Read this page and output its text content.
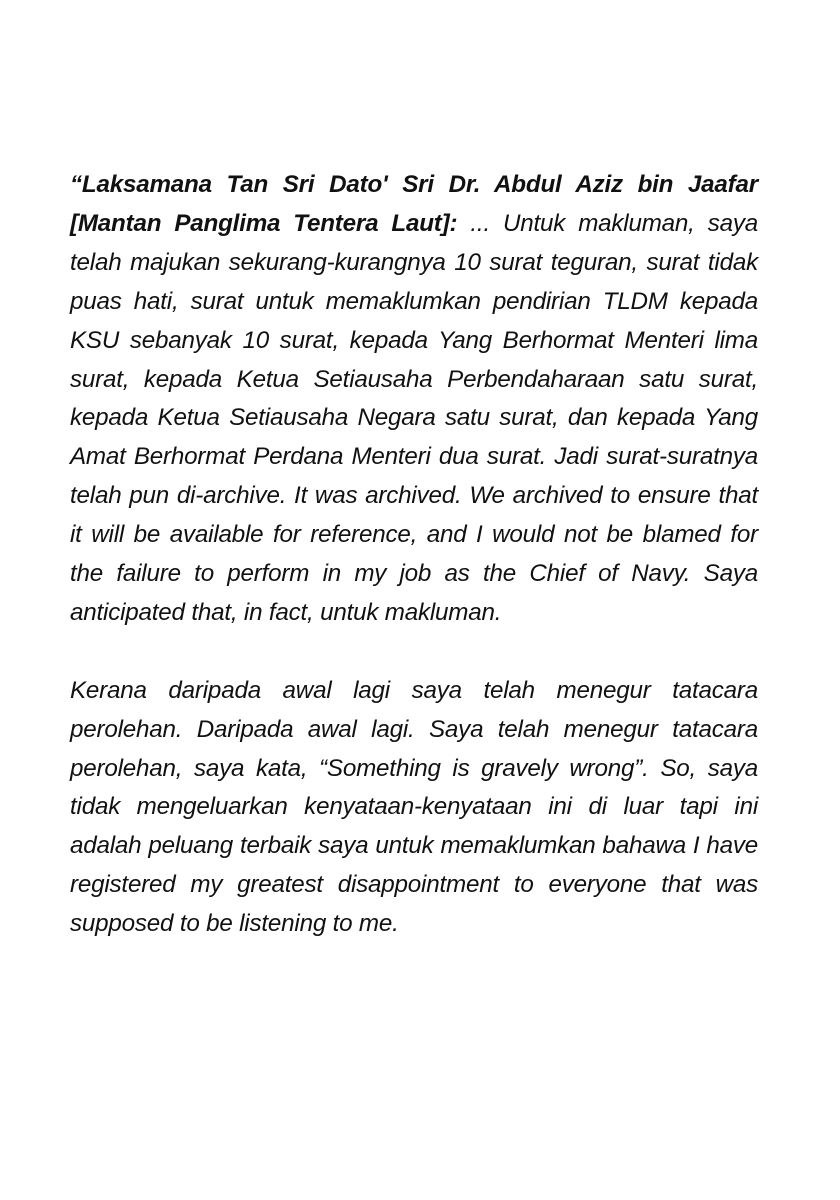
“Laksamana Tan Sri Dato' Sri Dr. Abdul Aziz bin Jaafar [Mantan Panglima Tentera Laut]: ... Untuk makluman, saya telah majukan sekurang-kurangnya 10 surat teguran, surat tidak puas hati, surat untuk memaklumkan pendirian TLDM kepada KSU sebanyak 10 surat, kepada Yang Berhormat Menteri lima surat, kepada Ketua Setiausaha Perbendaharaan satu surat, kepada Ketua Setiausaha Negara satu surat, dan kepada Yang Amat Berhormat Perdana Menteri dua surat. Jadi surat-suratnya telah pun di-archive. It was archived. We archived to ensure that it will be available for reference, and I would not be blamed for the failure to perform in my job as the Chief of Navy. Saya anticipated that, in fact, untuk makluman.

Kerana daripada awal lagi saya telah menegur tatacara perolehan. Daripada awal lagi. Saya telah menegur tatacara perolehan, saya kata, “Something is gravely wrong”. So, saya tidak mengeluarkan kenyataan-kenyataan ini di luar tapi ini adalah peluang terbaik saya untuk memaklumkan bahawa I have registered my greatest disappointment to everyone that was supposed to be listening to me.
